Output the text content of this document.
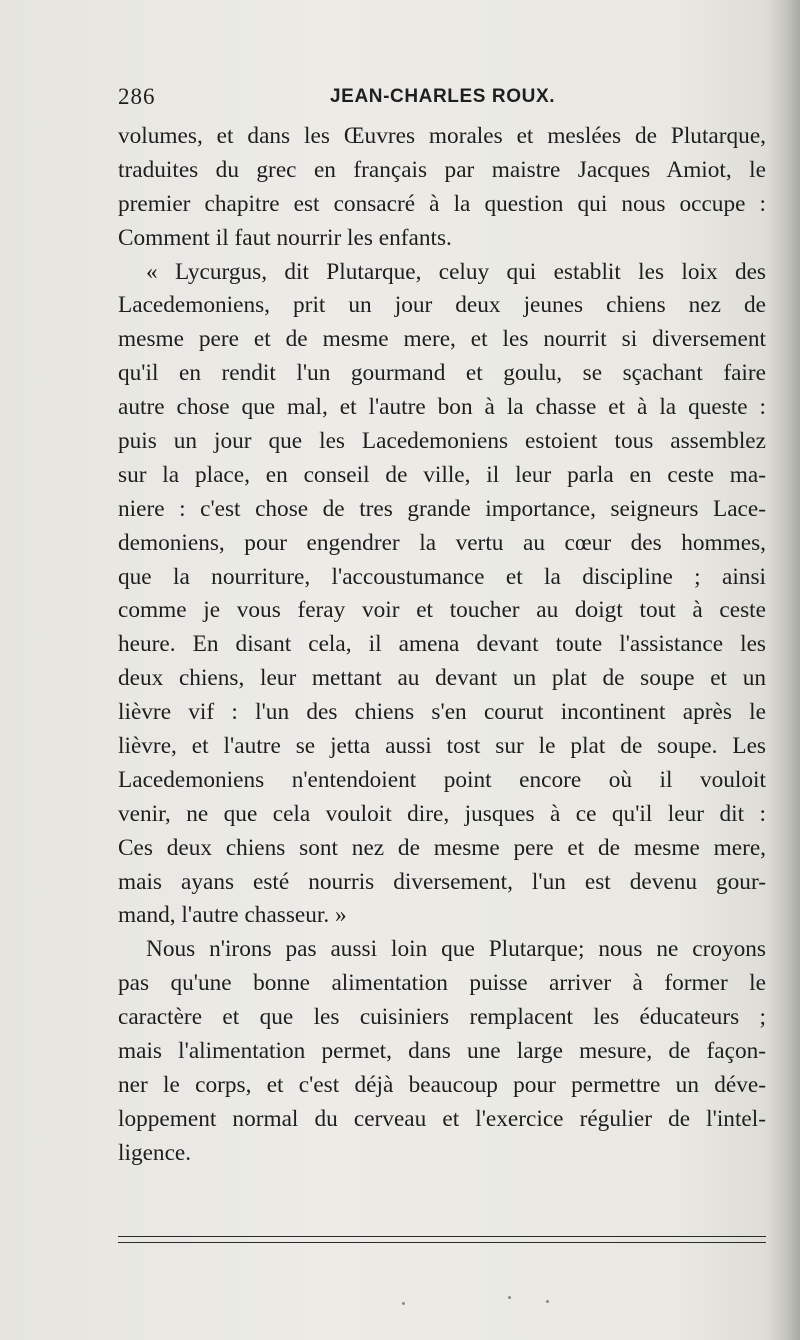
286	JEAN-CHARLES ROUX.
volumes, et dans les Œuvres morales et meslées de Plutarque,
traduites du grec en français par maistre Jacques Amiot, le
premier chapitre est consacré à la question qui nous occupe :
Comment il faut nourrir les enfants.
« Lycurgus, dit Plutarque, celuy qui establit les loix des
Lacedemoniens, prit un jour deux jeunes chiens nez de
mesme pere et de mesme mere, et les nourrit si diversement
qu'il en rendit l'un gourmand et goulu, se sçachant faire
autre chose que mal, et l'autre bon à la chasse et à la queste :
puis un jour que les Lacedemoniens estoient tous assemblez
sur la place, en conseil de ville, il leur parla en ceste ma-
niere : c'est chose de tres grande importance, seigneurs Lace-
demoniens, pour engendrer la vertu au cœur des hommes,
que la nourriture, l'accoustumance et la discipline ; ainsi
comme je vous feray voir et toucher au doigt tout à ceste
heure. En disant cela, il amena devant toute l'assistance les
deux chiens, leur mettant au devant un plat de soupe et un
lièvre vif : l'un des chiens s'en courut incontinent après le
lièvre, et l'autre se jetta aussi tost sur le plat de soupe. Les
Lacedemoniens n'entendoient point encore où il vouloit
venir, ne que cela vouloit dire, jusques à ce qu'il leur dit :
Ces deux chiens sont nez de mesme pere et de mesme mere,
mais ayans esté nourris diversement, l'un est devenu gour-
mand, l'autre chasseur. »
Nous n'irons pas aussi loin que Plutarque; nous ne croyons
pas qu'une bonne alimentation puisse arriver à former le
caractère et que les cuisiniers remplacent les éducateurs ;
mais l'alimentation permet, dans une large mesure, de façon-
ner le corps, et c'est déjà beaucoup pour permettre un déve-
loppement normal du cerveau et l'exercice régulier de l'intel-
ligence.
